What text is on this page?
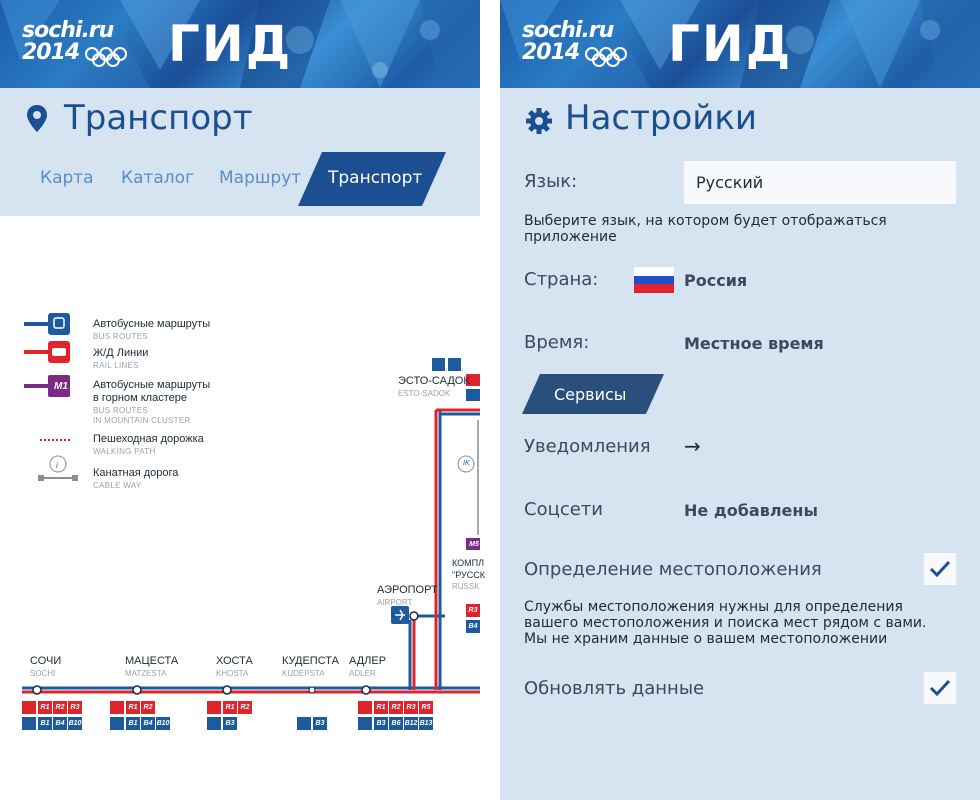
sochi.ru
2014	ГИД
Транспорт
Карта Каталог Маршрут Транспорт
i
M1
Автобусные маршруты
BUS ROUTES
Ж/Д Линии
RAIL LINES
Автобусные маршруты
в горном кластере
BUS ROUTES
IN MOUNTAIN CLUSTER
Пешеходная дорожка
WALKING PATH
Канатная дорога
CABLE WAY
IK
M5
СОЧИ
SOCHI
МАЦЕСТА
MATZESTA
ХОСТА
KHOSTA
КУДЕПСТА
KUDEPSTA
АДЛЕР
ADLER
АЭРОПОРТ
AIRPORT
ЭСТО-САДОК
ESTO-SADOK
КОМПЛ
"РУССК
RUSSK
R3
B4
R1 R2 R3
B1 B4 B10
R1 R2
B1 B4 B10
R1 R2
B3	B3
R1 R2 R3 R5
B3 B6 B12 B13
sochi.ru
2014	ГИД
Настройки
Язык:
Русский
Выберите язык, на котором будет отображаться приложение
Страна:	Россия
Время:	Местное время
Сервисы
Уведомления →
Соцсети	Не добавлены
Определение местоположения
Службы местоположения нужны для определения вашего местоположения и поиска мест рядом с вами. Мы не храним данные о вашем местоположении
Обновлять данные
